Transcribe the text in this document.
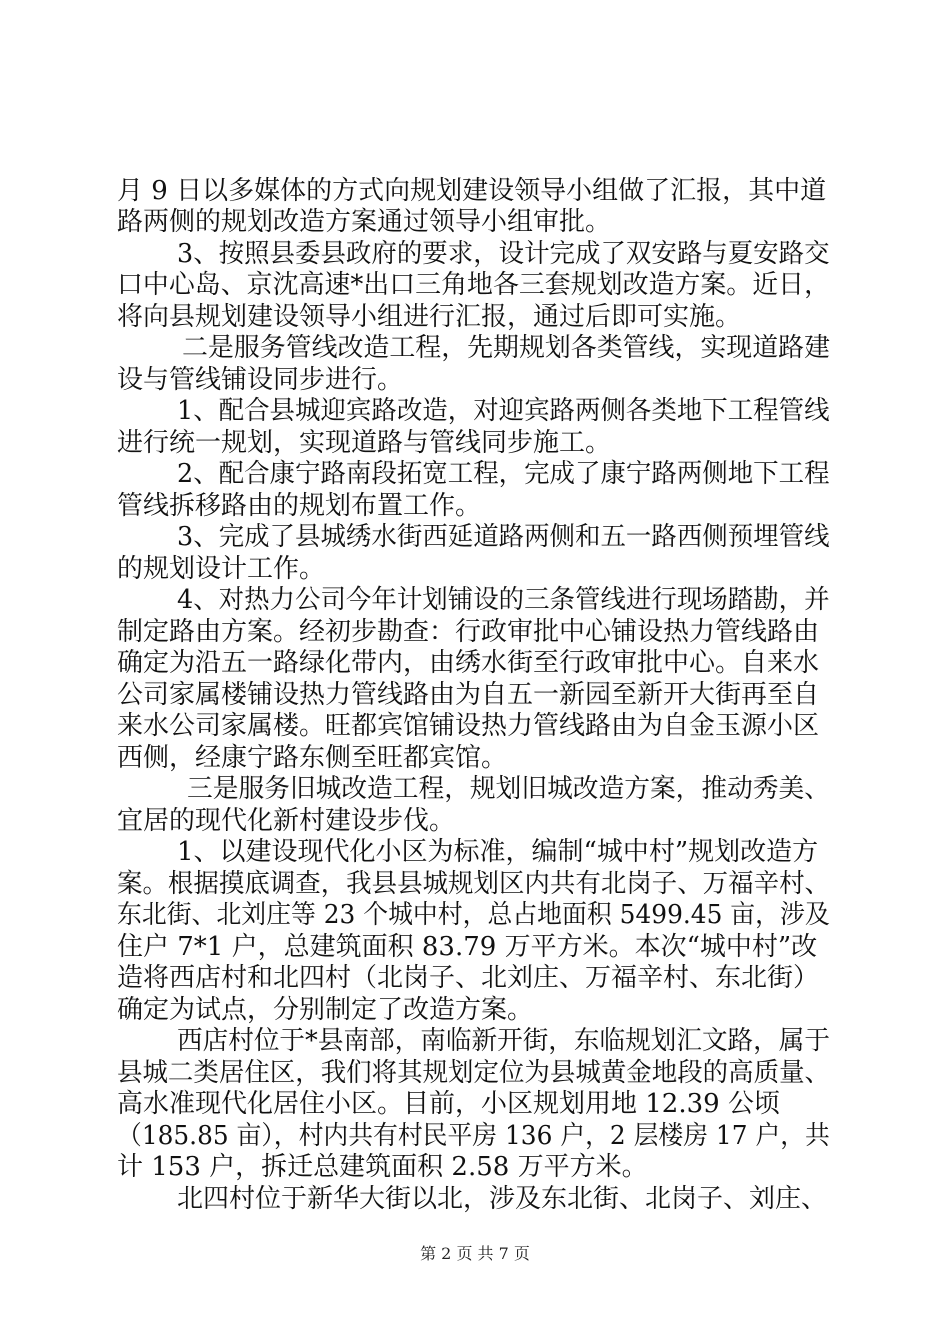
月 9 日以多媒体的方式向规划建设领导小组做了汇报，其中道
路两侧的规划改造方案通过领导小组审批。
3、按照县委县政府的要求，设计完成了双安路与夏安路交
口中心岛、京沈高速*出口三角地各三套规划改造方案。近日，
将向县规划建设领导小组进行汇报，通过后即可实施。
二是服务管线改造工程，先期规划各类管线，实现道路建
设与管线铺设同步进行。
1、配合县城迎宾路改造，对迎宾路两侧各类地下工程管线
进行统一规划，实现道路与管线同步施工。
2、配合康宁路南段拓宽工程，完成了康宁路两侧地下工程
管线拆移路由的规划布置工作。
3、完成了县城绣水街西延道路两侧和五一路西侧预埋管线
的规划设计工作。
4、对热力公司今年计划铺设的三条管线进行现场踏勘，并
制定路由方案。经初步勘查：行政审批中心铺设热力管线路由
确定为沿五一路绿化带内，由绣水街至行政审批中心。自来水
公司家属楼铺设热力管线路由为自五一新园至新开大街再至自
来水公司家属楼。旺都宾馆铺设热力管线路由为自金玉源小区
西侧，经康宁路东侧至旺都宾馆。
三是服务旧城改造工程，规划旧城改造方案，推动秀美、
宜居的现代化新村建设步伐。
1、以建设现代化小区为标准，编制“城中村”规划改造方
案。根据摸底调查，我县县城规划区内共有北岗子、万福辛村、
东北街、北刘庄等 23 个城中村，总占地面积 5499.45 亩，涉及
住户 7*1 户，总建筑面积 83.79 万平方米。本次“城中村”改
造将西店村和北四村（北岗子、北刘庄、万福辛村、东北街）
确定为试点，分别制定了改造方案。
西店村位于*县南部，南临新开街，东临规划汇文路，属于
县城二类居住区，我们将其规划定位为县城黄金地段的高质量、
高水准现代化居住小区。目前，小区规划用地 12.39 公顷
（185.85 亩），村内共有村民平房 136 户，2 层楼房 17 户，共
计 153 户，拆迁总建筑面积 2.58 万平方米。
北四村位于新华大街以北，涉及东北街、北岗子、刘庄、
第 2 页 共 7 页
